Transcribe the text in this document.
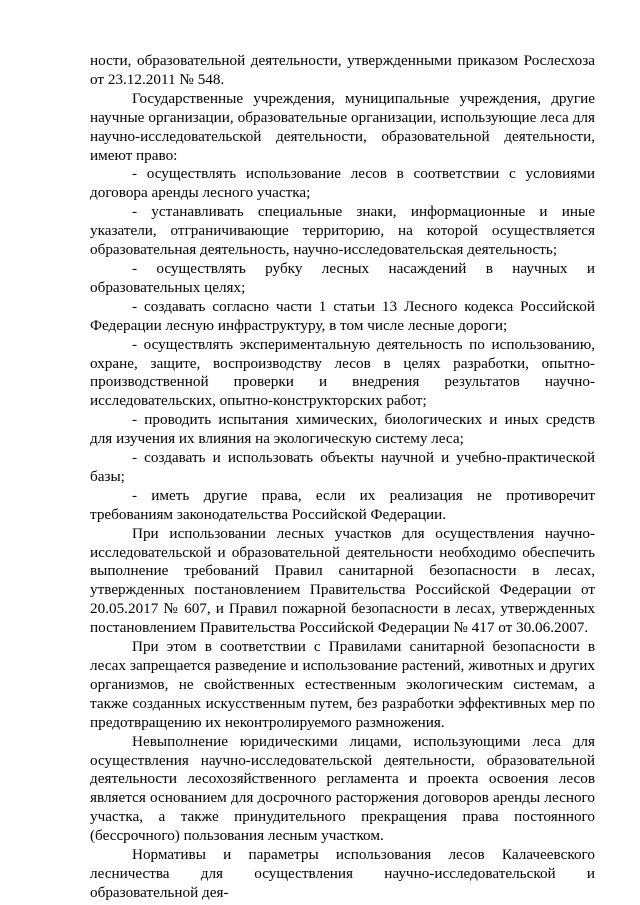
ности, образовательной деятельности, утвержденными приказом Рослесхоза от 23.12.2011 № 548.

Государственные учреждения, муниципальные учреждения, другие научные организации, образовательные организации, использующие леса для научно-исследовательской деятельности, образовательной деятельности, имеют право:

- осуществлять использование лесов в соответствии с условиями договора аренды лесного участка;

- устанавливать специальные знаки, информационные и иные указатели, отграничивающие территорию, на которой осуществляется образовательная деятельность, научно-исследовательская деятельность;

- осуществлять рубку лесных насаждений в научных и образовательных целях;

- создавать согласно части 1 статьи 13 Лесного кодекса Российской Федерации лесную инфраструктуру, в том числе лесные дороги;

- осуществлять экспериментальную деятельность по использованию, охране, защите, воспроизводству лесов в целях разработки, опытно-производственной проверки и внедрения результатов научно-исследовательских, опытно-конструкторских работ;

- проводить испытания химических, биологических и иных средств для изучения их влияния на экологическую систему леса;

- создавать и использовать объекты научной и учебно-практической базы;

- иметь другие права, если их реализация не противоречит требованиям законодательства Российской Федерации.

При использовании лесных участков для осуществления научно-исследовательской и образовательной деятельности необходимо обеспечить выполнение требований Правил санитарной безопасности в лесах, утвержденных постановлением Правительства Российской Федерации от 20.05.2017 № 607, и Правил пожарной безопасности в лесах, утвержденных постановлением Правительства Российской Федерации № 417 от 30.06.2007.

При этом в соответствии с Правилами санитарной безопасности в лесах запрещается разведение и использование растений, животных и других организмов, не свойственных естественным экологическим системам, а также созданных искусственным путем, без разработки эффективных мер по предотвращению их неконтролируемого размножения.

Невыполнение юридическими лицами, использующими леса для осуществления научно-исследовательской деятельности, образовательной деятельности лесохозяйственного регламента и проекта освоения лесов является основанием для досрочного расторжения договоров аренды лесного участка, а также принудительного прекращения права постоянного (бессрочного) пользования лесным участком.

Нормативы и параметры использования лесов Калачеевского лесничества для осуществления научно-исследовательской и образовательной дея-
